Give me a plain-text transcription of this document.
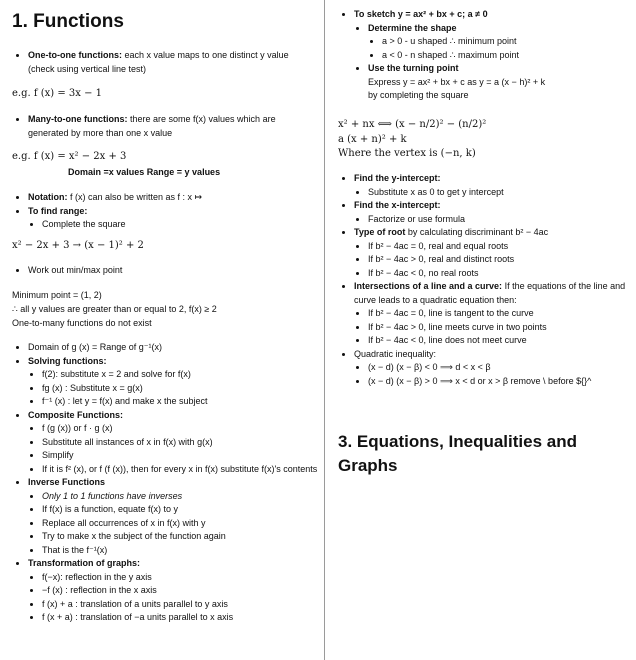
1. Functions
• One-to-one functions: each x value maps to one distinct y value (check using vertical line test)

e.g. f (x) = 3x − 1

• Many-to-one functions: there are some f(x) values which are generated by more than one x value

e.g. f (x) = x² − 2x + 3

Domain =x values Range = y values

• Notation: f (x) can also be written as f : x ↦
• To find range:
• Complete the square

x² − 2x + 3 → (x − 1)² + 2

• Work out min/max point

Minimum point = (1, 2)

∴ all y values are greater than or equal to 2, f(x) ≥ 2

One-to-many functions do not exist

• Domain of g (x) = Range of g⁻¹(x)
• Solving functions:
• f(2): substitute x = 2 and solve for f(x)
• fg (x) : Substitute x = g(x)
• f⁻¹ (x) : let y = f(x) and make x the subject
• Composite Functions:
• f (g (x)) or f · g (x)
• Substitute all instances of x in f(x) with g(x)
• Simplify
• If it is f² (x), or f (f (x)), then for every x in f(x) substitute f(x)'s contents
• Inverse Functions
• Only 1 to 1 functions have inverses
• If f(x) is a function, equate f(x) to y
• Replace all occurrences of x in f(x) with y
• Try to make x the subject of the function again
• That is the f⁻¹(x)
• Transformation of graphs:
• f(−x): reflection in the y axis
• −f (x) : reflection in the x axis
• f (x) + a : translation of a units parallel to y axis
• f (x + a) : translation of −a units parallel to x axis
• To sketch y = ax² + bx + c; a ≠ 0
• Determine the shape
• a > 0 - u shaped ∴ minimum point
• a < 0 - n shaped ∴ maximum point
• Use the turning point
Express y = ax² + bx + c as y = a (x − h)² + k
by completing the square

x² + nx ⟺ (x − n/2)² − (n/2)²

a (x + n)² + k

Where the vertex is (−n, k)

• Find the y-intercept:
• Substitute x as 0 to get y intercept
• Find the x-intercept:
• Factorize or use formula
• Type of root by calculating discriminant b² − 4ac
• If b² − 4ac = 0, real and equal roots
• If b² − 4ac > 0, real and distinct roots
• If b² − 4ac < 0, no real roots
• Intersections of a line and a curve: If the equations of the line and curve leads to a quadratic equation then:
• If b² − 4ac = 0, line is tangent to the curve
• If b² − 4ac > 0, line meets curve in two points
• If b² − 4ac < 0, line does not meet curve
• Quadratic inequality:
• (x − d) (x − β) < 0 ⟹ d < x < β
• (x − d) (x − β) > 0 ⟹ x < d or x > β remove \ before ${}^
3. Equations, Inequalities and Graphs
